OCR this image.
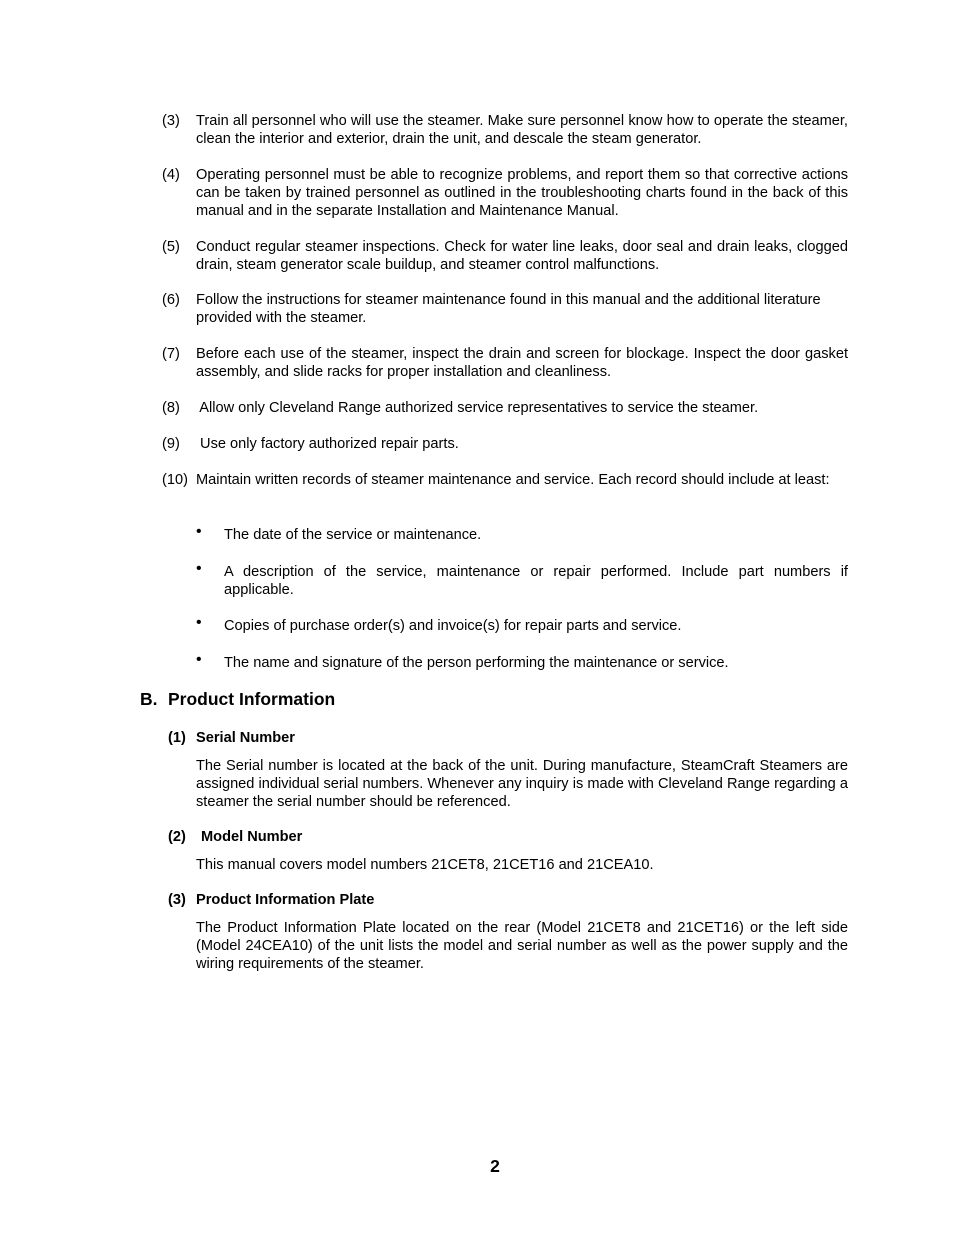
(3) Train all personnel who will use the steamer. Make sure personnel know how to operate the steamer, clean the interior and exterior, drain the unit, and descale the steam generator.
(4) Operating personnel must be able to recognize problems, and report them so that corrective actions can be taken by trained personnel as outlined in the troubleshooting charts found in the back of this manual and in the separate Installation and Maintenance Manual.
(5) Conduct regular steamer inspections. Check for water line leaks, door seal and drain leaks, clogged drain, steam generator scale buildup, and steamer control malfunctions.
(6) Follow the instructions for steamer maintenance found in this manual and the additional literature provided with the steamer.
(7) Before each use of the steamer, inspect the drain and screen for blockage. Inspect the door gasket assembly, and slide racks for proper installation and cleanliness.
(8) Allow only Cleveland Range authorized service representatives to service the steamer.
(9) Use only factory authorized repair parts.
(10) Maintain written records of steamer maintenance and service. Each record should include at least:
• The date of the service or maintenance.
• A description of the service, maintenance or repair performed. Include part numbers if applicable.
• Copies of purchase order(s) and invoice(s) for repair parts and service.
• The name and signature of the person performing the maintenance or service.
B. Product Information
(1) Serial Number
The Serial number is located at the back of the unit. During manufacture, SteamCraft Steamers are assigned individual serial numbers. Whenever any inquiry is made with Cleveland Range regarding a steamer the serial number should be referenced.
(2) Model Number
This manual covers model numbers 21CET8, 21CET16 and 21CEA10.
(3) Product Information Plate
The Product Information Plate located on the rear (Model 21CET8 and 21CET16) or the left side (Model 24CEA10) of the unit lists the model and serial number as well as the power supply and the wiring requirements of the steamer.
2
